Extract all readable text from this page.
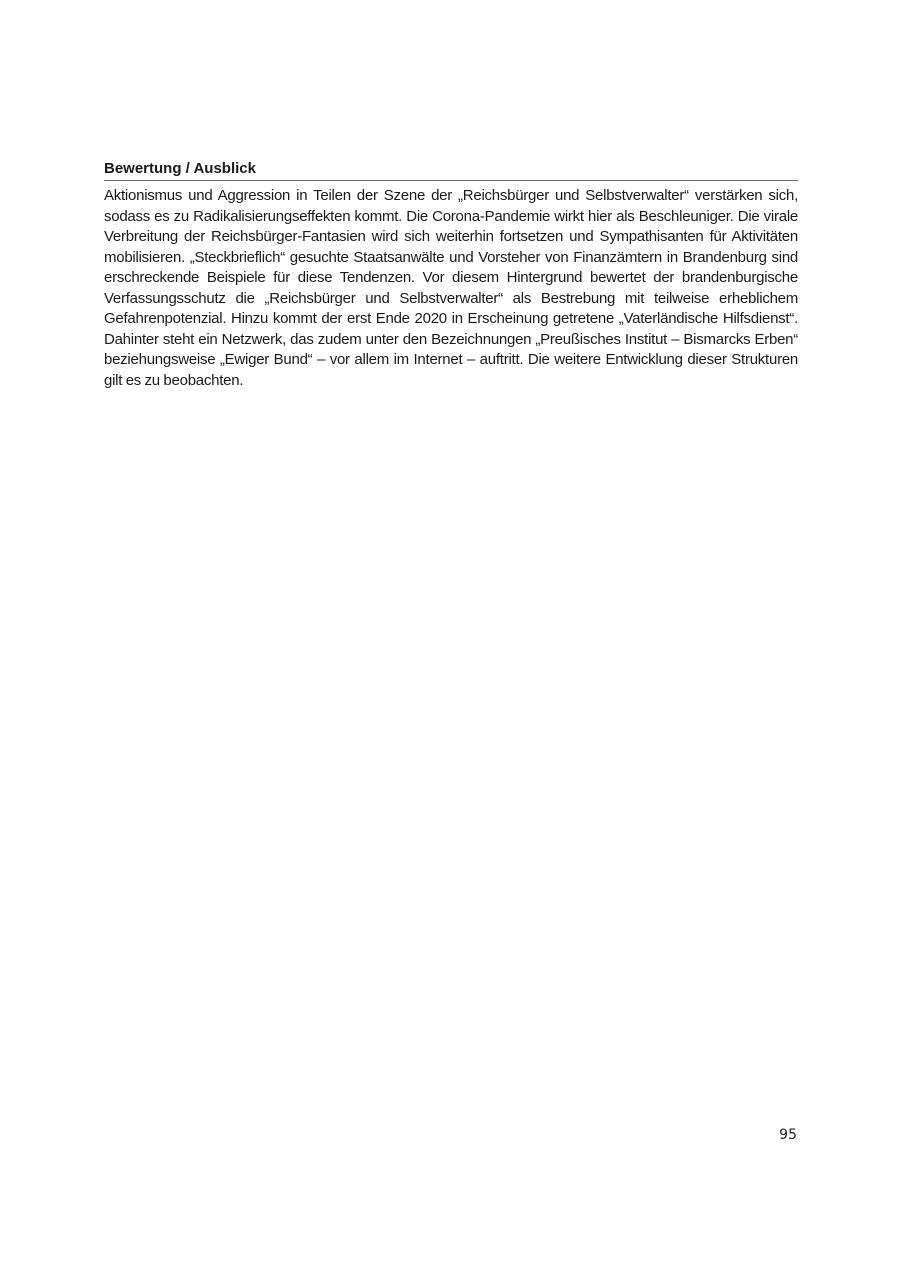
Bewertung / Ausblick

Aktionismus und Aggression in Teilen der Szene der „Reichsbürger und Selbstverwalter“ verstärken sich, sodass es zu Radikalisierungseffekten kommt. Die Corona-Pandemie wirkt hier als Beschleuniger. Die virale Verbreitung der Reichsbürger-Fantasien wird sich weiterhin fortsetzen und Sympathisanten für Aktivitäten mobilisieren. „Steckbrieflich“ gesuchte Staatsanwälte und Vorsteher von Finanzämtern in Brandenburg sind erschreckende Beispiele für diese Tendenzen. Vor diesem Hintergrund bewertet der brandenburgische Verfassungsschutz die „Reichsbürger und Selbstverwalter“ als Bestrebung mit teilweise erheblichem Gefahrenpotenzial. Hinzu kommt der erst Ende 2020 in Erscheinung getretene „Vaterländische Hilfsdienst“. Dahinter steht ein Netzwerk, das zudem unter den Bezeichnungen „Preußisches Institut – Bismarcks Erben“ beziehungsweise „Ewiger Bund“ – vor allem im Internet – auftritt. Die weitere Entwicklung dieser Strukturen gilt es zu beobachten.

95
